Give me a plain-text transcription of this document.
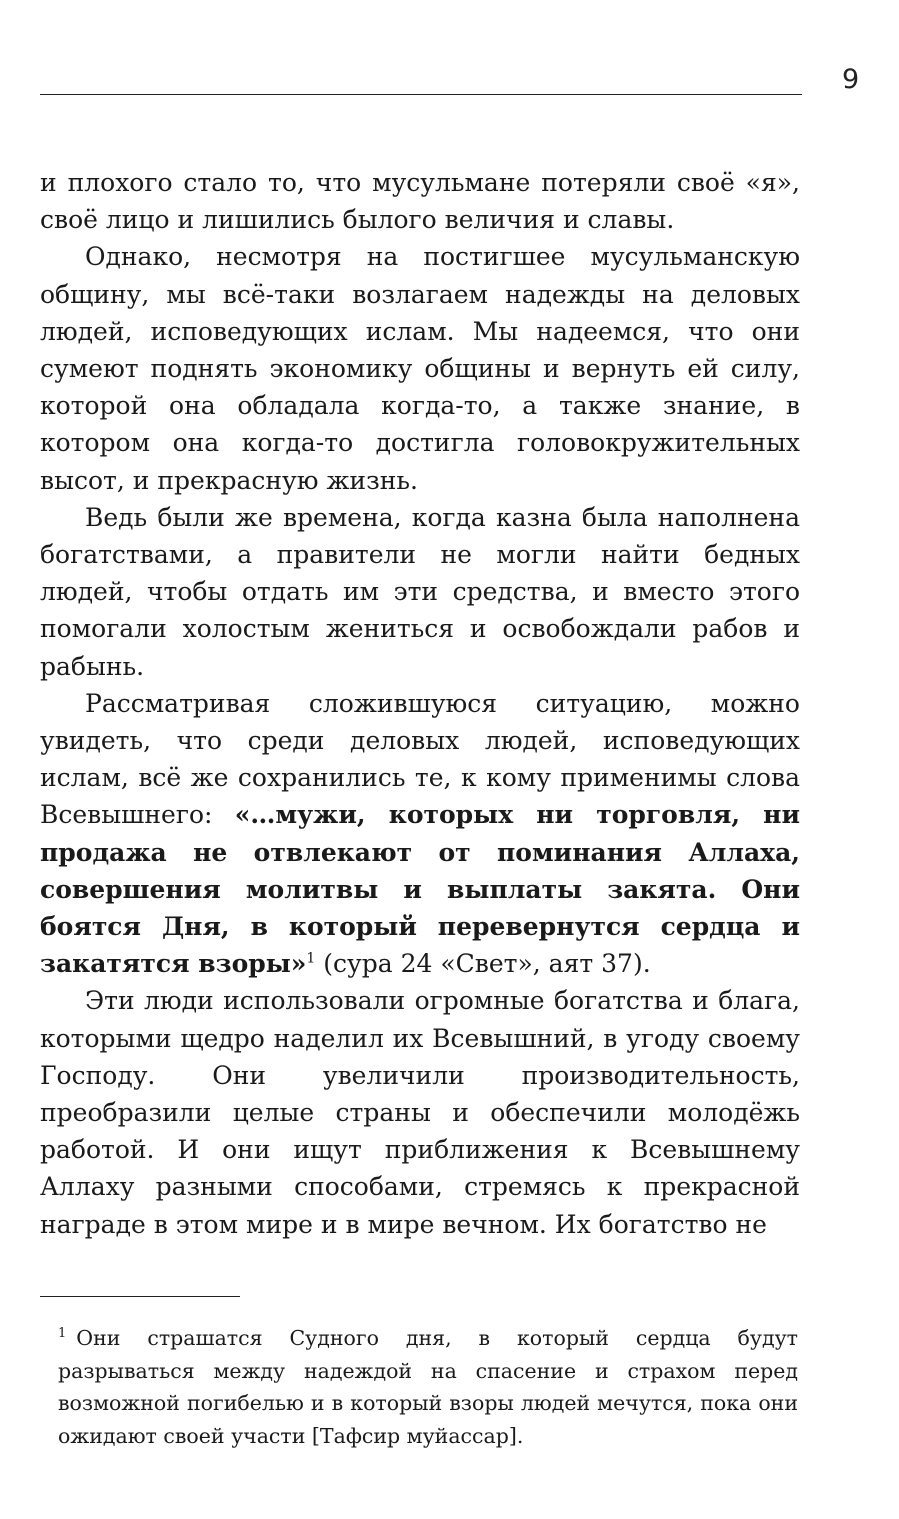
9

и плохого стало то, что мусульмане потеряли своё «я», своё лицо и лишились былого величия и славы.

Однако, несмотря на постигшее мусульманскую общину, мы всё-таки возлагаем надежды на деловых людей, исповедующих ислам. Мы надеемся, что они сумеют поднять экономику общины и вернуть ей силу, которой она обладала когда-то, а также знание, в котором она когда-то достигла головокружительных высот, и прекрасную жизнь.

Ведь были же времена, когда казна была наполнена богатствами, а правители не могли найти бедных людей, чтобы отдать им эти средства, и вместо этого помогали холостым жениться и освобождали рабов и рабынь.

Рассматривая сложившуюся ситуацию, можно увидеть, что среди деловых людей, исповедующих ислам, всё же сохранились те, к кому применимы слова Всевышнего: «…мужи, которых ни торговля, ни продажа не отвлекают от поминания Аллаха, совершения молитвы и выплаты закята. Они боятся Дня, в который перевернутся сердца и закатятся взоры»$^1$ (сура 24 «Свет», аят 37).

Эти люди использовали огромные богатства и блага, которыми щедро наделил их Всевышний, в угоду своему Господу. Они увеличили производительность, преобразили целые страны и обеспечили молодёжь работой. И они ищут приближения к Всевышнему Аллаху разными способами, стремясь к прекрасной награде в этом мире и в мире вечном. Их богатство не

$^1$ Они страшатся Судного дня, в который сердца будут разрываться между надеждой на спасение и страхом перед возможной погибелью и в который взоры людей мечутся, пока они ожидают своей участи [Тафсир муйассар].
